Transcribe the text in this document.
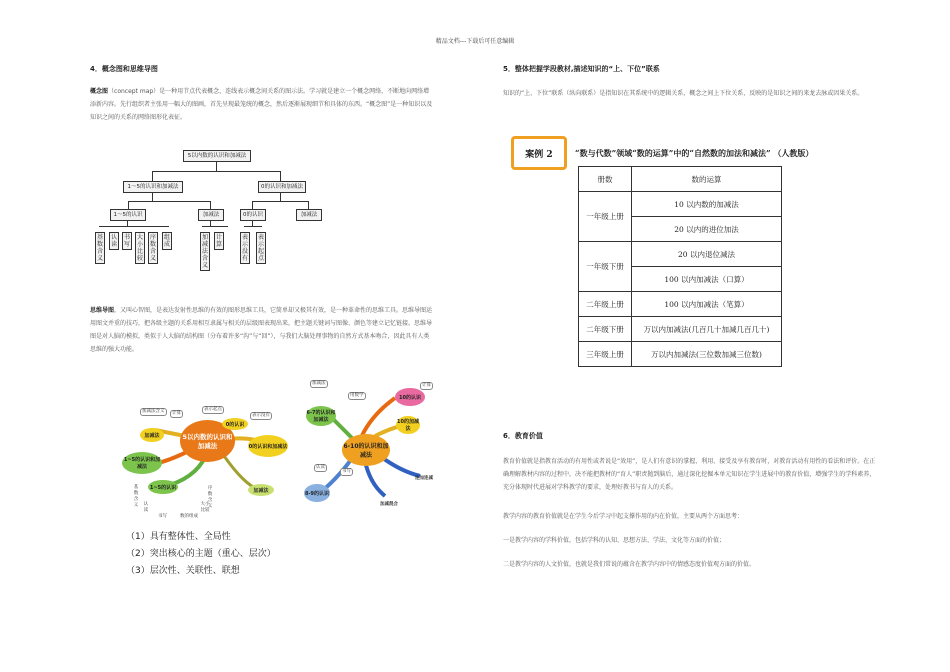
精品文档---下载后可任意编辑
4．概念图和思维导图
概念图（concept map）是一种用节点代表概念，连线表示概念间关系的图示法。学习就是建立一个概念网络，不断地向网络增添新内容。先行组织者主张用一幅大的图画，首先呈现最笼统的概念，然后逐渐展现细节和具体的东西。“概念图”是一种知识以及知识之间的关系的网络图形化表征。
5以内数的认识和加减法
1～5的认识和加减法	0的认识和加减法
1～5的认识	加减法	0的认识	加减法
基数含义
认读
书写
大小比较
序数含义
组成
加减法含义
计算
表示没有
表示起点
思维导图，又叫心智图，是表达发射性思维的有效的图形思维工具，它简单却又极其有效，是一种革命性的思维工具。思维导图运用图文并重的技巧，把各级主题的关系用相互隶属与相关的层级图表现出来，把主题关键词与图像、颜色等建立记忆链接。思维导图是对人脑的模拟，类似于人大脑的结构图（分布着许多“沟”与“回”），与我们大脑处理事物的自然方式基本吻合，因此具有人类思维的强大功能。
5以内数的认识和加减法
1~5的认识和加减法
0的认识和加减法
1~5的认识
加减法
0的认识
加减法
加减法含义	计算
表示起点
表示没有
基数含义	认读
书写	数的组成
序数含义
大小比较
6-10的认识和加减法
10的认识
10的加减法
6-7的认识和加减法
8-9的认识
连加连减
加减混合
加减法
用数学
计算
认读
书写
（1）具有整体性、全局性
（2）突出核心的主题（重心、层次）
（3）层次性、关联性、联想
5．整体把握学段教材,描述知识的“上、下位”联系
知识的“上、下位”联系（纵向联系）是指知识在其系统中的逻辑关系，概念之间上下位关系，反映的是知识之间的来龙去脉或因果关系。
案例 2	“数与代数”领域“数的运算”中的“自然数的加法和减法” （人教版）
册数	数的运算
一年级上册	10 以内数的加减法
	20 以内的进位加法
一年级下册	20 以内退位减法
	100 以内加减法（口算）
二年级上册	100 以内加减法（笔算）
二年级下册	万以内加减法(几百几十加减几百几十)
三年级上册	万以内加减法(三位数加减三位数)
6．教育价值
教育价值就是指教育活动的有用性或者说是“效用”，是人们有意识的掌握、利用、接受及享有教育时，对教育活动有用性的看法和评价。在正确理解教材内容的过程中，决不能把教材的“育人”职责抛到脑后，通过深化挖掘本单元知识在学生进展中的教育价值，增强学生的学科素养，充分体现时代进展对学科教学的要求，处理好教书与育人的关系。
教学内容的教育价值就是在学生今后学习中起支撑作用的内在价值，主要从两个方面思考：
一是教学内容的学科价值，包括学科的认知、思想方法、学法、文化等方面的价值；
二是教学内容的人文价值，也就是我们常说的蕴含在教学内容中的情感态度价值观方面的价值。
